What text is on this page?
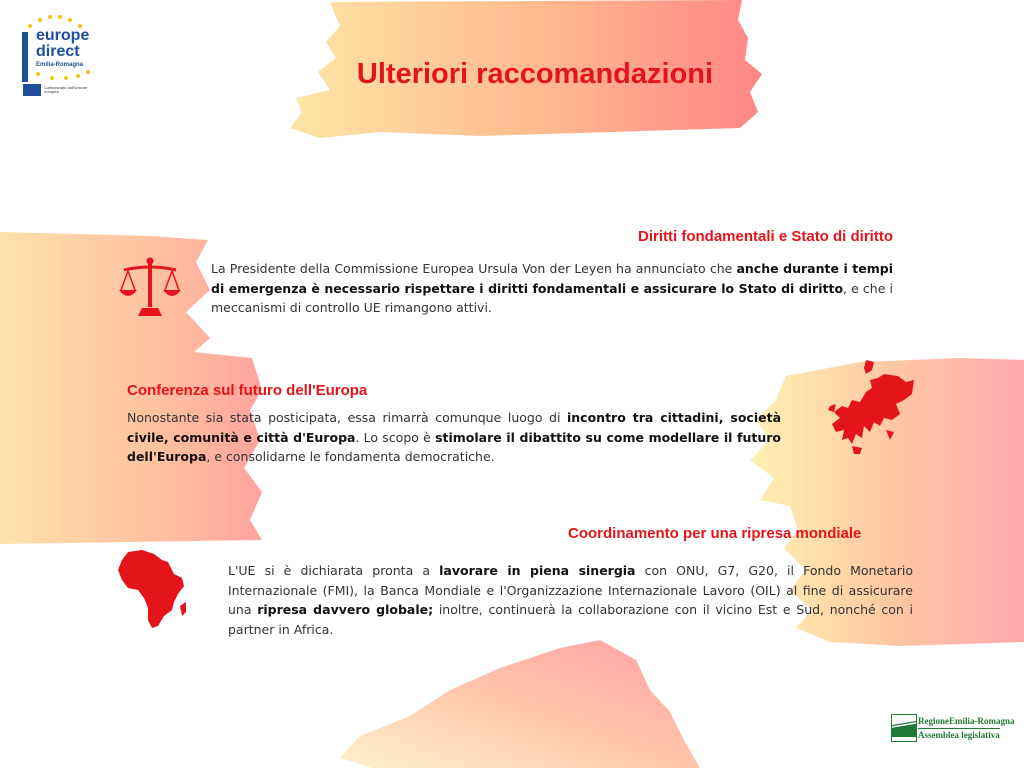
europe
direct
Emilia-Romagna
Cofinanziato dall'Unione europea
Ulteriori raccomandazioni
Diritti fondamentali e Stato di diritto

La Presidente della Commissione Europea Ursula Von der Leyen ha annunciato che anche durante i tempi di emergenza è necessario rispettare i diritti fondamentali e assicurare lo Stato di diritto, e che i meccanismi di controllo UE rimangono attivi.

Conferenza sul futuro dell'Europa

Nonostante sia stata posticipata, essa rimarrà comunque luogo di incontro tra cittadini, società civile, comunità e città d'Europa. Lo scopo è stimolare il dibattito su come modellare il futuro dell'Europa, e consolidarne le fondamenta democratiche.

Coordinamento per una ripresa mondiale

L'UE si è dichiarata pronta a lavorare in piena sinergia con ONU, G7, G20, il Fondo Monetario Internazionale (FMI), la Banca Mondiale e l'Organizzazione Internazionale Lavoro (OIL) al fine di assicurare una ripresa davvero globale; inoltre, continuerà la collaborazione con il vicino Est e Sud, nonché con i partner in Africa.

RegioneEmilia-Romagna
Assemblea legislativa
